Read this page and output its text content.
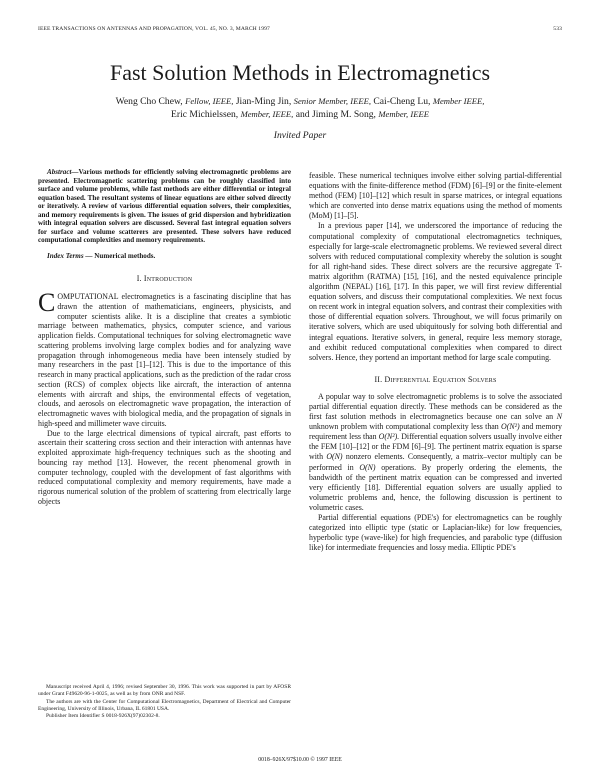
IEEE TRANSACTIONS ON ANTENNAS AND PROPAGATION, VOL. 45, NO. 3, MARCH 1997	533
Fast Solution Methods in Electromagnetics
Weng Cho Chew, Fellow, IEEE, Jian-Ming Jin, Senior Member, IEEE, Cai-Cheng Lu, Member IEEE,
Eric Michielssen, Member, IEEE, and Jiming M. Song, Member, IEEE
Invited Paper

Abstract—Various methods for efficiently solving electromagnetic problems are presented. Electromagnetic scattering problems can be roughly classified into surface and volume problems, while fast methods are either differential or integral equation based. The resultant systems of linear equations are either solved directly or iteratively. A review of various differential equation solvers, their complexities, and memory requirements is given. The issues of grid dispersion and hybridization with integral equation solvers are discussed. Several fast integral equation solvers for surface and volume scatterers are presented. These solvers have reduced computational complexities and memory requirements.

Index Terms — Numerical methods.

I. Introduction

COMPUTATIONAL electromagnetics is a fascinating discipline that has drawn the attention of mathematicians, engineers, physicists, and computer scientists alike. It is a discipline that creates a symbiotic marriage between mathematics, physics, computer science, and various application fields. Computational techniques for solving electromagnetic wave scattering problems involving large complex bodies and for analyzing wave propagation through inhomogeneous media have been intensely studied by many researchers in the past [1]–[12]. This is due to the importance of this research in many practical applications, such as the prediction of the radar cross section (RCS) of complex objects like aircraft, the interaction of antenna elements with aircraft and ships, the environmental effects of vegetation, clouds, and aerosols on electromagnetic wave propagation, the interaction of electromagnetic waves with biological media, and the propagation of signals in high-speed and millimeter wave circuits.

Due to the large electrical dimensions of typical aircraft, past efforts to ascertain their scattering cross section and their interaction with antennas have exploited approximate high-frequency techniques such as the shooting and bouncing ray method [13]. However, the recent phenomenal growth in computer technology, coupled with the development of fast algorithms with reduced computational complexity and memory requirements, have made a rigorous numerical solution of the problem of scattering from electrically large objects

feasible. These numerical techniques involve either solving partial-differential equations with the finite-difference method (FDM) [6]–[9] or the finite-element method (FEM) [10]–[12] which result in sparse matrices, or integral equations which are converted into dense matrix equations using the method of moments (MoM) [1]–[5].

In a previous paper [14], we underscored the importance of reducing the computational complexity of computational electromagnetics techniques, especially for large-scale electromagnetic problems. We reviewed several direct solvers with reduced computational complexity whereby the solution is sought for all right-hand sides. These direct solvers are the recursive aggregate T-matrix algorithm (RATMA) [15], [16], and the nested equivalence principle algorithm (NEPAL) [16], [17]. In this paper, we will first review differential equation solvers, and discuss their computational complexities. We next focus on recent work in integral equation solvers, and contrast their complexities with those of differential equation solvers. Throughout, we will focus primarily on iterative solvers, which are used ubiquitously for solving both differential and integral equations. Iterative solvers, in general, require less memory storage, and exhibit reduced computational complexities when compared to direct solvers. Hence, they portend an important method for large scale computing.

II. Differential Equation Solvers

A popular way to solve electromagnetic problems is to solve the associated partial differential equation directly. These methods can be considered as the first fast solution methods in electromagnetics because one can solve an N unknown problem with computational complexity less than O(N²) and memory requirement less than O(N²). Differential equation solvers usually involve either the FEM [10]–[12] or the FDM [6]–[9]. The pertinent matrix equation is sparse with O(N) nonzero elements. Consequently, a matrix–vector multiply can be performed in O(N) operations. By properly ordering the elements, the bandwidth of the pertinent matrix equation can be compressed and inverted very efficiently [18]. Differential equation solvers are usually applied to volumetric problems and, hence, the following discussion is pertinent to volumetric cases.

Partial differential equations (PDE's) for electromagnetics can be roughly categorized into elliptic type (static or Laplacian-like) for low frequencies, hyperbolic type (wave-like) for high frequencies, and parabolic type (diffusion like) for intermediate frequencies and lossy media. Elliptic PDE's

Manuscript received April 4, 1996; revised September 30, 1996. This work was supported in part by AFOSR under Grant F49620-96-1-0025, as well as by from ONR and NSF.

The authors are with the Center for Computational Electromagnetics, Department of Electrical and Computer Engineering, University of Illinois, Urbana, IL 61801 USA.

Publisher Item Identifier S 0018-926X(97)02302-8.

0018–926X/97$10.00 © 1997 IEEE
